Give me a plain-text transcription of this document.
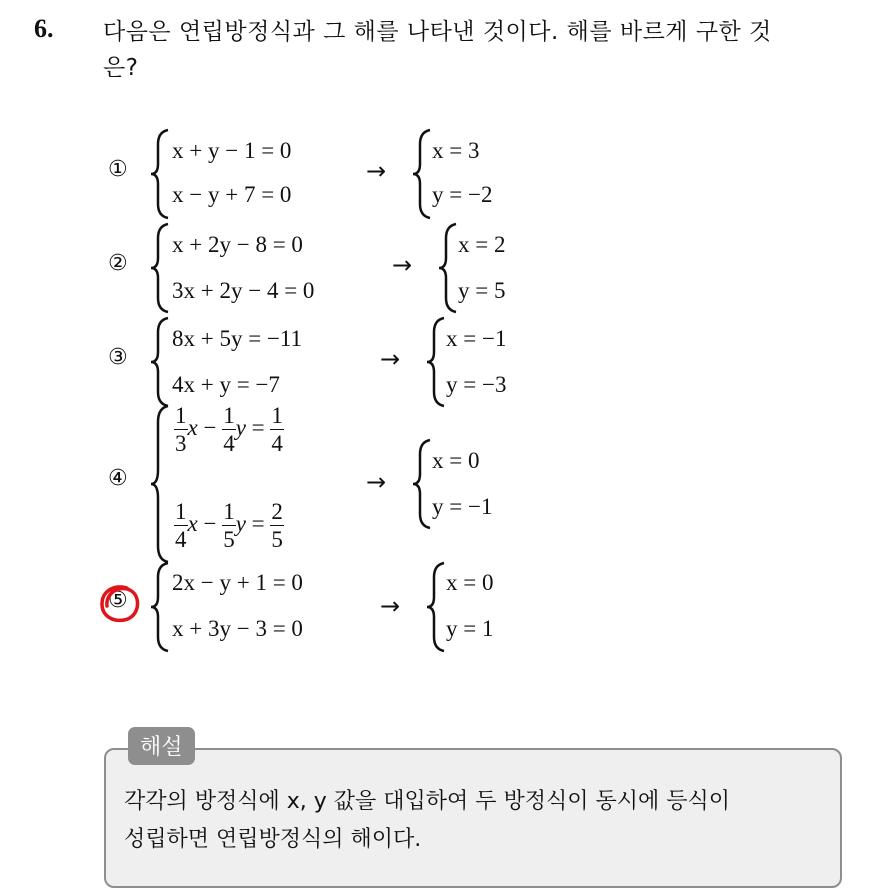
6. 다음은 연립방정식과 그 해를 나타낸 것이다. 해를 바르게 구한 것
은?
①
x + y − 1 = 0
x − y + 7 = 0
→
x = 3
y = −2
②
x + 2y − 8 = 0
3x + 2y − 4 = 0
→
x = 2
y = 5
③
8x + 5y = −11
4x + y = −7
→
x = −1
y = −3
④
$\frac{1}{3}$ $x - \frac{1}{4}$ $y = \frac{1}{4}$
$\frac{1}{4}$ $x - \frac{1}{5}$ $y = \frac{2}{5}$
→
x = 0
y = −1
⑤
2x − y + 1 = 0
x + 3y − 3 = 0
→
x = 0
y = 1
해설
각각의 방정식에 x, y 값을 대입하여 두 방정식이 동시에 등식이
성립하면 연립방정식의 해이다.
